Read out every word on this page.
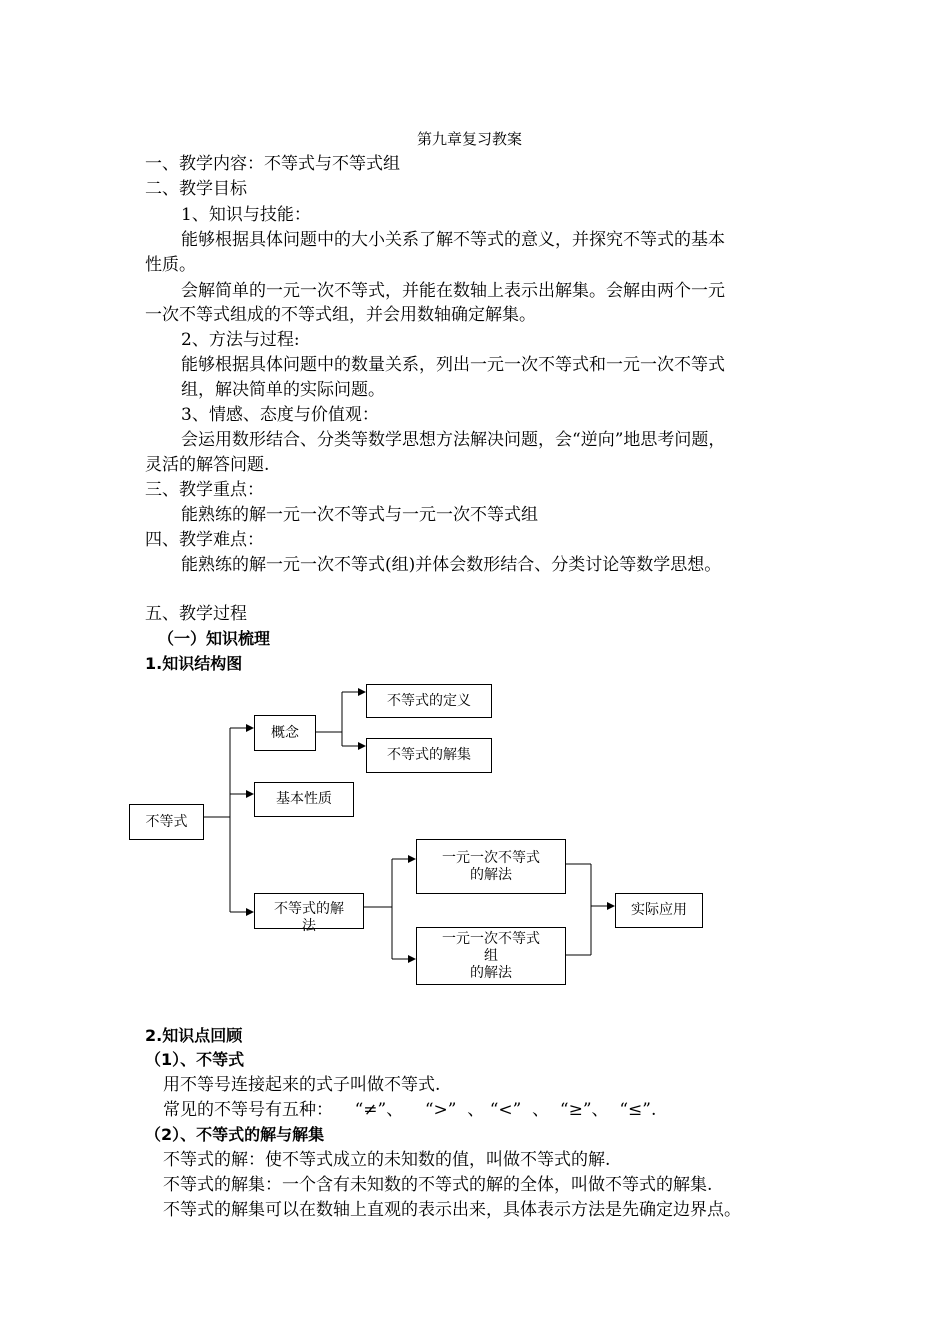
第九章复习教案
一、教学内容：不等式与不等式组
二、教学目标
1、知识与技能：
能够根据具体问题中的大小关系了解不等式的意义，并探究不等式的基本
性质。
会解简单的一元一次不等式，并能在数轴上表示出解集。会解由两个一元
一次不等式组成的不等式组，并会用数轴确定解集。
2、方法与过程:
能够根据具体问题中的数量关系，列出一元一次不等式和一元一次不等式
组，解决简单的实际问题。
3、情感、态度与价值观：
会运用数形结合、分类等数学思想方法解决问题，会“逆向”地思考问题，
灵活的解答问题.
三、教学重点：
能熟练的解一元一次不等式与一元一次不等式组
四、教学难点：
能熟练的解一元一次不等式(组)并体会数形结合、分类讨论等数学思想。
五、教学过程
（一）知识梳理
1.知识结构图
不等式
概念
不等式的定义
不等式的解集
基本性质
不等式的解
法
一元一次不等式
的解法
一元一次不等式
组
的解法
实际应用
2.知识点回顾
（1）、不等式
用不等号连接起来的式子叫做不等式.
常见的不等号有五种：    “≠”、    “>”  、 “<”  、  “≥”、  “≤”.
（2）、不等式的解与解集
不等式的解：使不等式成立的未知数的值，叫做不等式的解.
不等式的解集：一个含有未知数的不等式的解的全体，叫做不等式的解集.
不等式的解集可以在数轴上直观的表示出来，具体表示方法是先确定边界点。
